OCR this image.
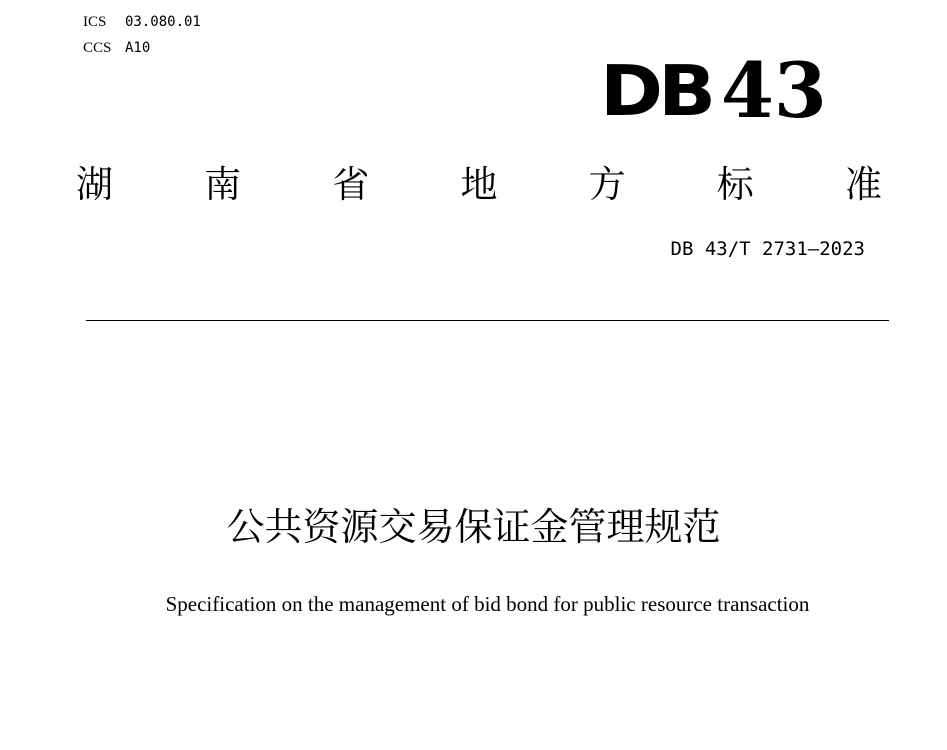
ICS	03.080.01
CCS A10
DB 43
湖 南 省 地 方 标 准
DB 43/T 2731—2023
公共资源交易保证金管理规范
Specification on the management of bid bond for public resource transaction
